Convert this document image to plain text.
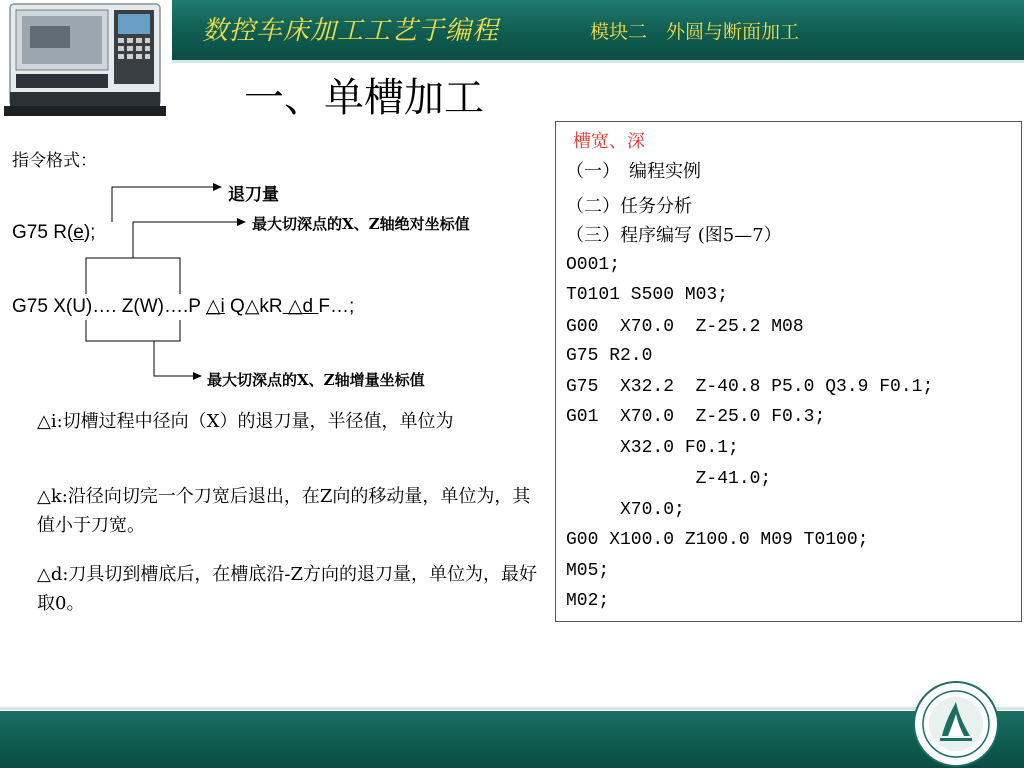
数控车床加工工艺于编程	模块二　外圆与断面加工
一、单槽加工
指令格式：
退刀量
最大切深点的X、Z轴绝对坐标值
G75 R(e);
G75 X(U)…. Z(W)….P △i Q△kR △d F…;
最大切深点的X、Z轴增量坐标值
△i:切槽过程中径向（X）的退刀量，半径值，单位为
△k:沿径向切完一个刀宽后退出，在Z向的移动量，单位为，其值小于刀宽。
△d:刀具切到槽底后，在槽底沿-Z方向的退刀量，单位为，最好取0。
槽宽、深
（一）　编程实例
（二）任务分析
（三）程序编写 (图5—7）
O001;
T0101 S500 M03;
G00  X70.0  Z-25.2 M08
G75 R2.0
G75  X32.2  Z-40.8 P5.0 Q3.9 F0.1;
G01  X70.0  Z-25.0 F0.3;
X32.0 F0.1;
Z-41.0;
X70.0;
G00 X100.0 Z100.0 M09 T0100;
M05;
M02;
